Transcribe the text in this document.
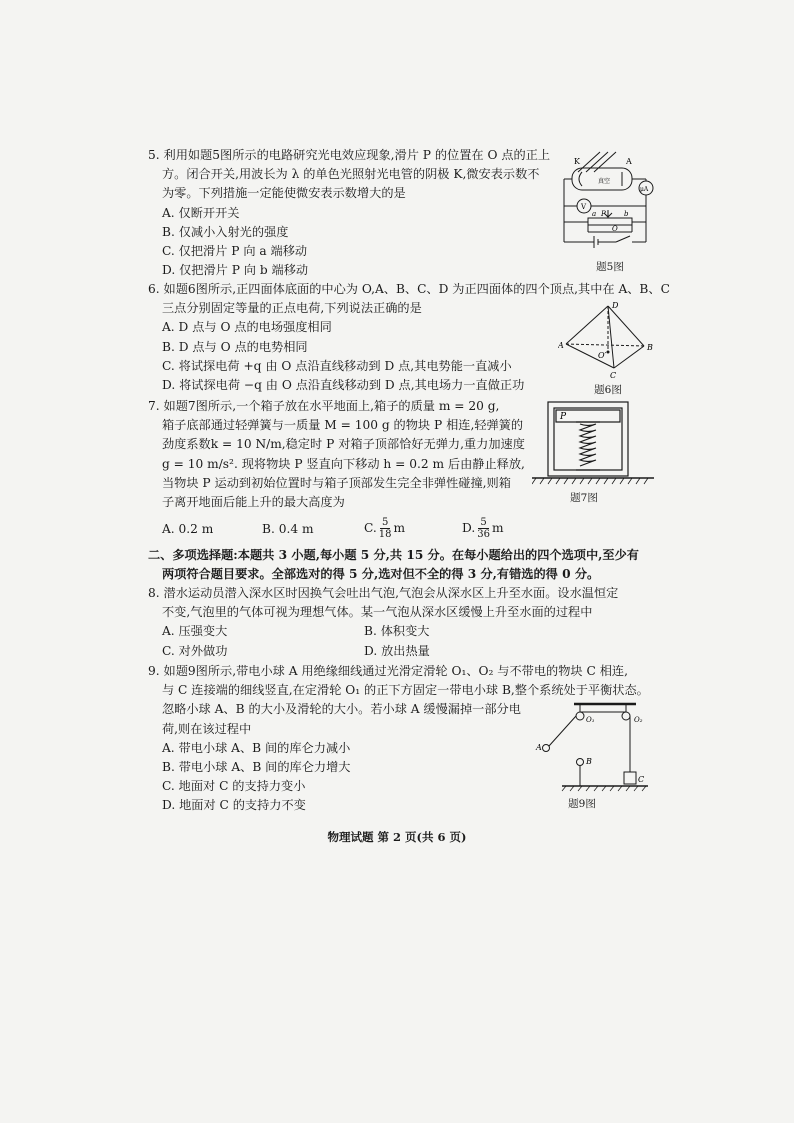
5. 利用如题5图所示的电路研究光电效应现象,滑片 P 的位置在 O 点的正上
方。闭合开关,用波长为 λ 的单色光照射光电管的阴极 K,微安表示数不
为零。下列措施一定能使微安表示数增大的是
A. 仅断开开关
B. 仅减小入射光的强度
C. 仅把滑片 P 向 a 端移动
D. 仅把滑片 P 向 b 端移动
K	A
真空
μA
V
a P	b
O
题5图
6. 如题6图所示,正四面体底面的中心为 O,A、B、C、D 为正四面体的四个顶点,其中在 A、B、C
三点分别固定等量的正点电荷,下列说法正确的是
A. D 点与 O 点的电场强度相同
B. D 点与 O 点的电势相同
C. 将试探电荷 +q 由 O 点沿直线移动到 D 点,其电势能一直减小
D. 将试探电荷 −q 由 O 点沿直线移动到 D 点,其电场力一直做正功
D
A
O′
B
C
题6图
7. 如题7图所示,一个箱子放在水平地面上,箱子的质量 m = 20 g,
箱子底部通过轻弹簧与一质量 M = 100 g 的物块 P 相连,轻弹簧的
劲度系数k = 10 N/m,稳定时 P 对箱子顶部恰好无弹力,重力加速度
g = 10 m/s². 现将物块 P 竖直向下移动 h = 0.2 m 后由静止释放,
当物块 P 运动到初始位置时与箱子顶部发生完全非弹性碰撞,则箱
子离开地面后能上升的最大高度为
A. 0.2 m	B. 0.4 m	C. $\frac{5}{18}$ m	D. $\frac{5}{36}$ m
P
题7图
二、多项选择题:本题共 3 小题,每小题 5 分,共 15 分。在每小题给出的四个选项中,至少有
两项符合题目要求。全部选对的得 5 分,选对但不全的得 3 分,有错选的得 0 分。
8. 潜水运动员潜入深水区时因换气会吐出气泡,气泡会从深水区上升至水面。设水温恒定
不变,气泡里的气体可视为理想气体。某一气泡从深水区缓慢上升至水面的过程中
A. 压强变大	B. 体积变大
C. 对外做功	D. 放出热量
9. 如题9图所示,带电小球 A 用绝缘细线通过光滑定滑轮 O₁、O₂ 与不带电的物块 C 相连,
与 C 连接端的细线竖直,在定滑轮 O₁ 的正下方固定一带电小球 B,整个系统处于平衡状态。
忽略小球 A、B 的大小及滑轮的大小。若小球 A 缓慢漏掉一部分电
荷,则在该过程中
A. 带电小球 A、B 间的库仑力减小
B. 带电小球 A、B 间的库仑力增大
C. 地面对 C 的支持力变小
D. 地面对 C 的支持力不变
O₁	O₂
A
B
C
题9图
物理试题 第 2 页(共 6 页)
